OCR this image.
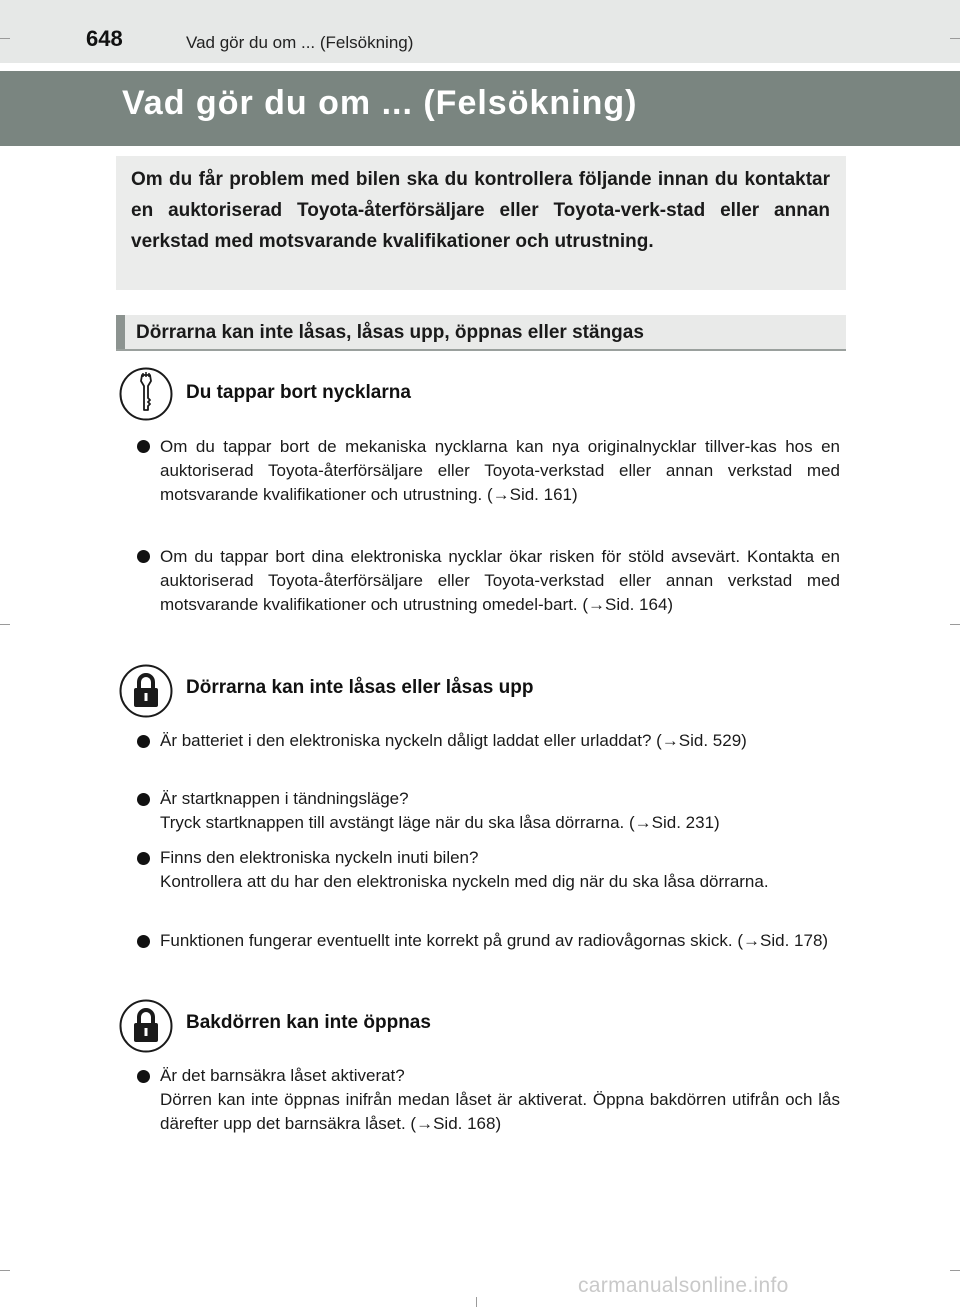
648	Vad gör du om ... (Felsökning)
Vad gör du om ... (Felsökning)
Om du får problem med bilen ska du kontrollera följande innan du kontaktar en auktoriserad Toyota-återförsäljare eller Toyota-verk-stad eller annan verkstad med motsvarande kvalifikationer och utrustning.
Dörrarna kan inte låsas, låsas upp, öppnas eller stängas
Du tappar bort nycklarna
Om du tappar bort de mekaniska nycklarna kan nya originalnycklar tillver-kas hos en auktoriserad Toyota-återförsäljare eller Toyota-verkstad eller annan verkstad med motsvarande kvalifikationer och utrustning. (→Sid. 161)
Om du tappar bort dina elektroniska nycklar ökar risken för stöld avsevärt. Kontakta en auktoriserad Toyota-återförsäljare eller Toyota-verkstad eller annan verkstad med motsvarande kvalifikationer och utrustning omedel-bart. (→Sid. 164)
Dörrarna kan inte låsas eller låsas upp
Är batteriet i den elektroniska nyckeln dåligt laddat eller urladdat? (→Sid. 529)
Är startknappen i tändningsläge?
Tryck startknappen till avstängt läge när du ska låsa dörrarna. (→Sid. 231)
Finns den elektroniska nyckeln inuti bilen?
Kontrollera att du har den elektroniska nyckeln med dig när du ska låsa dörrarna.
Funktionen fungerar eventuellt inte korrekt på grund av radiovågornas skick. (→Sid. 178)
Bakdörren kan inte öppnas
Är det barnsäkra låset aktiverat?
Dörren kan inte öppnas inifrån medan låset är aktiverat. Öppna bakdörren utifrån och lås därefter upp det barnsäkra låset. (→Sid. 168)
carmanualsonline.info
